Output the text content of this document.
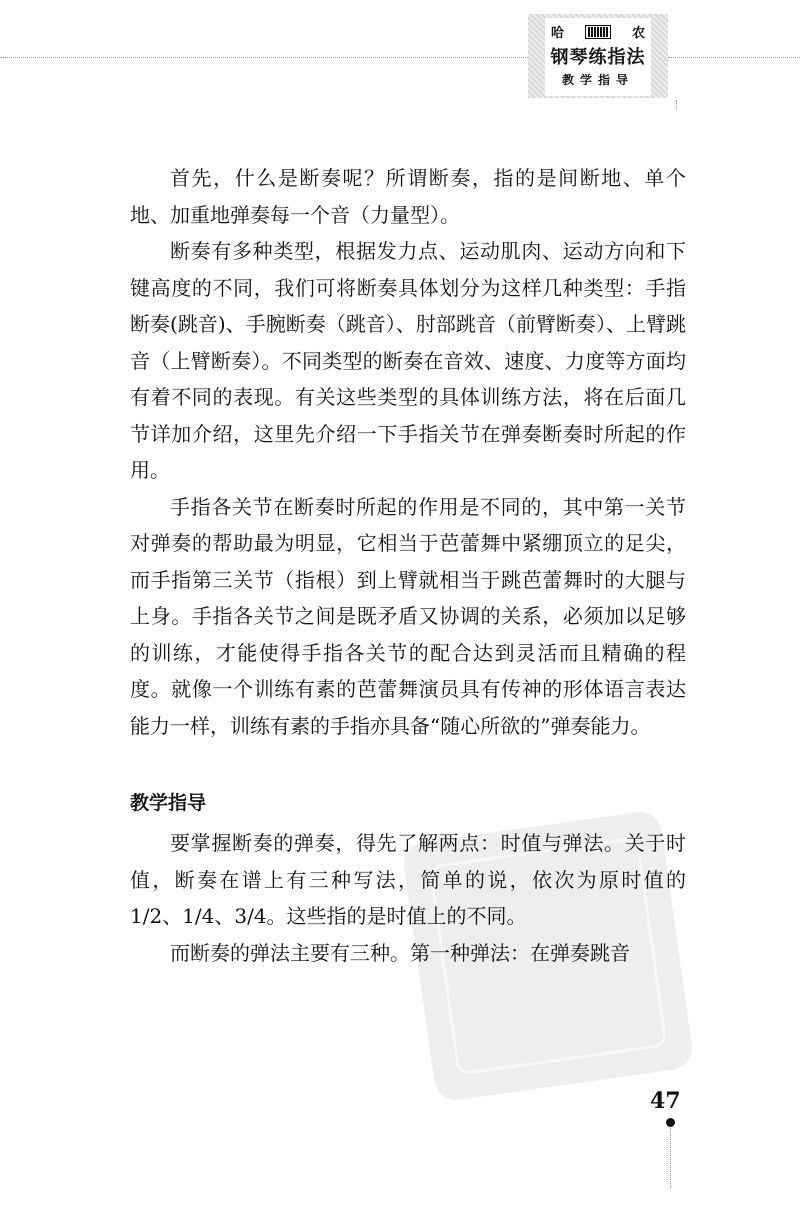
哈	农
钢琴练指法
教学指导

首先，什么是断奏呢？所谓断奏，指的是间断地、单个地、加重地弹奏每一个音（力量型）。

断奏有多种类型，根据发力点、运动肌肉、运动方向和下键高度的不同，我们可将断奏具体划分为这样几种类型：手指断奏(跳音)、手腕断奏（跳音）、肘部跳音（前臂断奏）、上臂跳音（上臂断奏）。不同类型的断奏在音效、速度、力度等方面均有着不同的表现。有关这些类型的具体训练方法，将在后面几节详加介绍，这里先介绍一下手指关节在弹奏断奏时所起的作用。

手指各关节在断奏时所起的作用是不同的，其中第一关节对弹奏的帮助最为明显，它相当于芭蕾舞中紧绷顶立的足尖，而手指第三关节（指根）到上臂就相当于跳芭蕾舞时的大腿与上身。手指各关节之间是既矛盾又协调的关系，必须加以足够的训练，才能使得手指各关节的配合达到灵活而且精确的程度。就像一个训练有素的芭蕾舞演员具有传神的形体语言表达能力一样，训练有素的手指亦具备“随心所欲的”弹奏能力。

教学指导

要掌握断奏的弹奏，得先了解两点：时值与弹法。关于时值，断奏在谱上有三种写法，简单的说，依次为原时值的 1/2、1/4、3/4。这些指的是时值上的不同。

而断奏的弹法主要有三种。第一种弹法：在弹奏跳音

47
